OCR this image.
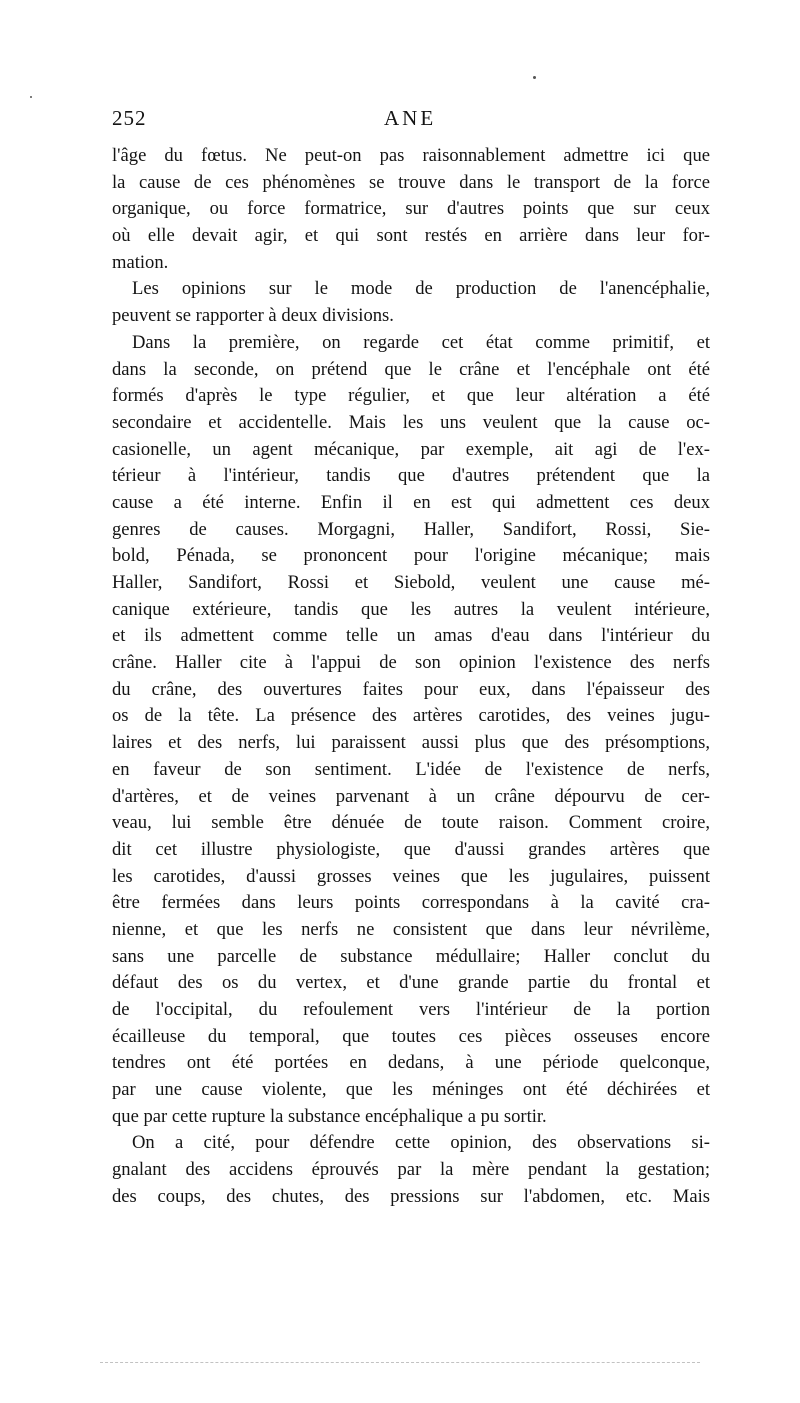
252	ANE
l'âge du fœtus. Ne peut-on pas raisonnablement admettre ici que
la cause de ces phénomènes se trouve dans le transport de la force
organique, ou force formatrice, sur d'autres points que sur ceux
où elle devait agir, et qui sont restés en arrière dans leur for-
mation.
Les opinions sur le mode de production de l'anencéphalie,
peuvent se rapporter à deux divisions.
Dans la première, on regarde cet état comme primitif, et
dans la seconde, on prétend que le crâne et l'encéphale ont été
formés d'après le type régulier, et que leur altération a été
secondaire et accidentelle. Mais les uns veulent que la cause oc-
casionelle, un agent mécanique, par exemple, ait agi de l'ex-
térieur à l'intérieur, tandis que d'autres prétendent que la
cause a été interne. Enfin il en est qui admettent ces deux
genres de causes. Morgagni, Haller, Sandifort, Rossi, Sie-
bold, Pénada, se prononcent pour l'origine mécanique; mais
Haller, Sandifort, Rossi et Siebold, veulent une cause mé-
canique extérieure, tandis que les autres la veulent intérieure,
et ils admettent comme telle un amas d'eau dans l'intérieur du
crâne. Haller cite à l'appui de son opinion l'existence des nerfs
du crâne, des ouvertures faites pour eux, dans l'épaisseur des
os de la tête. La présence des artères carotides, des veines jugu-
laires et des nerfs, lui paraissent aussi plus que des présomptions,
en faveur de son sentiment. L'idée de l'existence de nerfs,
d'artères, et de veines parvenant à un crâne dépourvu de cer-
veau, lui semble être dénuée de toute raison. Comment croire,
dit cet illustre physiologiste, que d'aussi grandes artères que
les carotides, d'aussi grosses veines que les jugulaires, puissent
être fermées dans leurs points correspondans à la cavité cra-
nienne, et que les nerfs ne consistent que dans leur névrilème,
sans une parcelle de substance médullaire; Haller conclut du
défaut des os du vertex, et d'une grande partie du frontal et
de l'occipital, du refoulement vers l'intérieur de la portion
écailleuse du temporal, que toutes ces pièces osseuses encore
tendres ont été portées en dedans, à une période quelconque,
par une cause violente, que les méninges ont été déchirées et
que par cette rupture la substance encéphalique a pu sortir.
On a cité, pour défendre cette opinion, des observations si-
gnalant des accidens éprouvés par la mère pendant la gestation;
des coups, des chutes, des pressions sur l'abdomen, etc. Mais
